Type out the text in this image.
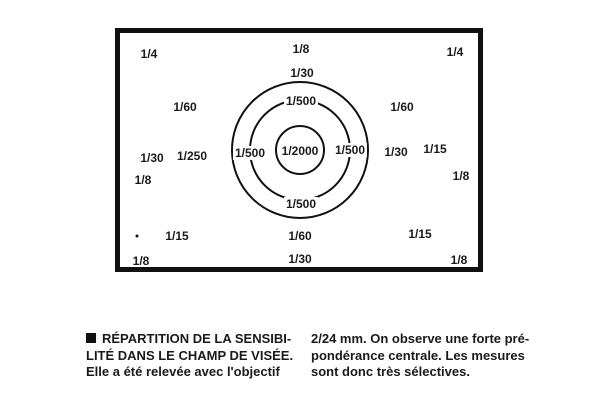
1/4	1/8	1/4
1/30
1/60	1/500	1/60
1/30 1/250 1/500 1/2000 1/500 1/30 1/15
1/8	1/8
1/500
1/15	1/60	1/15
1/8	1/30	1/8
RÉPARTITION DE LA SENSIBI-
LITÉ DANS LE CHAMP DE VISÉE.
Elle a été relevée avec l'objectif
2/24 mm. On observe une forte pré-
pondérance centrale. Les mesures
sont donc très sélectives.
